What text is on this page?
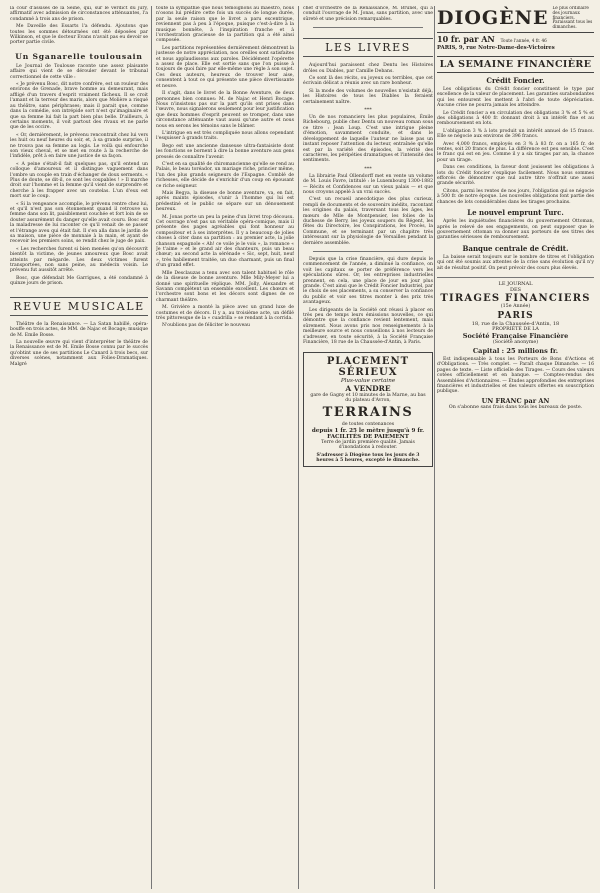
la cour d'assises de la Seine, qui, sur le verdict du jury, affirmatif avec admission de circonstances atténuantes, l'a condamné à trois ans de prison.

Me Daveille des Essarts l'a défendu. Ajoutons que toutes les sommes détournées ont été déposées par Wilkinson, et que le docteur Evans n'avait pas eu devoir se porter partie civile.

Un Sganarelle toulousain

Le Journal de Toulouse raconte une assez plaisante affaire qui vient de se dérouler devant le tribunal correctionnel de cette ville :

« Je prévenu Bosc, dit notre confrère, est un rouleur des environs de Grenade, brave homme au demeurant, mais affligé d'un travers d'esprit vraiment fâcheux. Il se croit l'amant et la terreur des maris, alors que Molière a risqué au théâtre, sans périphrases; mais il parait que, comme dans la comédie, son intrépide sort n'est qu'imaginaire et que sa femme lui fait la part bien plus belle. D'ailleurs, à certains moments, il voit partout des rivaux et ne parle que de les occire.

« Or, dernièrement, le prévenu rencontrait chez lui vers les huit ou neuf heures du soir, et, à sa grande surprise, il ne trouva pas sa femme au logis. Le voilà qui enfourche son vieux cheval, et se met en route à la recherche de l'infidèle, prêt à en faire une justice de sa façon.

« A peine s'était-il fait quelques pas, qu'il entend un colloque d'amoureux et il distingue vaguement dans l'ombre un couple en train d'échanger de doux serments. « Plus de doute, se dit-il, ce sont les coupables ! » Il marche droit sur l'homme et la femme qu'il vient de surprendre et cherche à les frapper avec un coutelas. L'un d'eux est mort sur le coup.

« Si la vengeance accomplie, le prévenu rentre chez lui, et qu'il n'est pas son étonnement quand il retrouve sa femme dans son lit, paisiblement couchée et fort loin de se douter assurément du danger qu'elle avait couru. Bosc eut la maladresse de lui raconter ce qu'il venait de se passer et l'étrange aveu qui était fait. Il s'en alla dans le jardin de sa maison, une pièce de monnaie à la main, et ayant de recevoir les premiers soins, se rendit chez le juge de paix.

« Les recherches furent si bien menées qu'on découvrit bientôt la victime, de jeunes amoureux que Bosc avait atteints par mégarde. Les deux victimes furent transportées, non sans peine, au médecin voisin. Le prévenu fut aussitôt arrêté.

Bosc, que défendait Me Garrigues, a été condamné à quinze jours de prison.

REVUE MUSICALE

Théâtre de la Renaissance. — La Satan habillé, opéra-bouffe en trois actes, de MM. de Najac et Bocage; musique de M. Emile Bosse.

La nouvelle œuvre qui vient d'interpréter le théâtre de la Renaissance est de M. Emile Bosse connu par le succès qu'obtint une de ses partitions Le Canard à trois becs, sur diverses scènes, notamment aux Folies-Dramatiques. Malgré

toute la sympathie que nous témoignons au maëstro, nous n'osons lui prédire cette fois un succès de longue durée, par la seule raison que le livret a paru excentrique, reviennent pas à peu à l'époque, puisque c'est-à-dire à la musique bonnête, à l'inspiration franche et à l'orchestration gracieuse de la partition qui a été ainsi composée.

Les partitions représentées dernièrement démontrent la justesse de notre appréciation, nos oreilles sont satisfaites et nous applaudissons aux paroles. Décidément l'opérette a assez de place. Elle est sortie sans que l'on puisse à toujours de quoi faire par elle-même une règle à son sujet. Ces deux auteurs, heureux de trouver leur aise, consentent à tout ce qui présente une pièce divertissante et neuve.

Il s'agit, dans le livret de la Bonne Aventure, de deux personnes bien connues: M. de Najac et Henri Bocage. Nous n'insistons pas sur la part qu'ils ont prises dans l'œuvre, nous signalerons seulement pour leur justification que deux hommes d'esprit peuvent se tromper, dans une circonstance atténuante vaut aussi qu'une autre et nous nous en serons les témoins sans le blâmer.

L'intrigue en est très compliquée nous allons cependant l'esquisser à grands traits.

Bego est une ancienne danseuse ultra-fantaisiste dont les fonctions se bornent à dire la bonne aventure aux gens pressés de connaître l'avenir.

C'est en sa qualité de chiromancienne qu'elle se rend au Palais, le beau toréador, un mariage riche, princier même, l'un des plus grands seigneurs de l'Espagne. Comblé de richesses, elle décide de s'enrichir d'un coup en épousant ce riche seigneur.

Mais Begya, la diseuse de bonne aventure, va, en fait, après maints épisodes, s'unir à l'homme qui lui est prédestiné et le public se sépare sur un dénouement heureux.

M. Jonas porte un peu la peine d'un livret trop décousu. Cet ouvrage n'est pas un véritable opéra-comique, mais il présente des pages agréables qui font honneur au compositeur et à ses interprètes. Il y a beaucoup de jolies choses à citer dans sa partition : au premier acte, la jolie chanson espagnole « Ah! ce voile je le vois », la romance « Je t'aime » et le grand air des chanteurs, puis un beau chœur; au second acte la sérénade « Sic, sept, huit, neuf », très habilement traitée, un duo charmant, puis un final d'un grand effet.

Mlle Desclauzas a tenu avec son talent habituel le rôle de la diseuse de bonne aventure. Mlle Mily-Meyer lui a donné une spirituelle réplique. MM. Jolly, Alexandre et Savann complètent un ensemble excellent. Les chœurs et l'orchestre sont bons et les décors sont dignes de ce charmant théâtre.

M. Grivière a monté la pièce avec un grand luxe de costumes et de décors. Il y a, au troisième acte, un défilé très pittoresque de la « cuadrilla » se rendant à la corrida.

N'oublions pas de féliciter le nouveau

chef d'orchestre de la Renaissance, M. Brunel, qui a conduit l'ouvrage de M. Jonas, sans partition, avec une sûreté et une précision remarquables.

LES LIVRES

Aujourd'hui paraissent chez Dentu les Histoires drôles ou Diables, par Camille Debans.

Ce sont là des récits, ou joyeux ou terribles, que cet écrivain délicat a réunis avec un rare bonheur.

Si la mode des volumes de nouvelles n'existait déjà, les Histoires de tous les Diables la feraient certainement naître.

***

Un de nos romanciers les plus populaires, Émile Richebourg, publie chez Dentu un nouveau roman sous ce titre : Jean Loup. C'est une intrigue pleine d'émotion, savamment conduite, et dans le développement de laquelle l'auteur ne laisse pas un instant reposer l'attention du lecteur, entraînée qu'elle est par la variété des épisodes, la vérité des caractères, les péripéties dramatiques et l'intensité des sentiments.

***

La librairie Paul Ollendorff met en vente un volume de M. Louis Favre, intitulé : le Luxembourg 1300-1882 — Récits et Confidences sur un vieux palais — et que nous croyons appelé à un vrai succès.

C'est un recueil anecdotique des plus curieux, rempli de documents et de souvenirs inédits, racontant les origines du palais, traversant tous les âges, les mœurs de Mlle de Montpensier, les folies de la duchesse de Berry, les joyeux soupers du Régent, les fêtes du Directoire, les Conspirations, les Procès, la Commune, et se terminant par un chapitre très intéressant sur la physiologie de Versailles pendant la dernière assemblée.

Depuis que la crise financière, qui dure depuis le commencement de l'année, a diminué la confiance, on voit les capitaux se porter de préférence vers les spéculations sûres. Or, les entreprises industrielles prennent, en cela, une place de jour en jour plus grande. C'est ainsi que le Crédit Foncier Industriel, par le choix de ses placements, a su conserver la confiance du public et voir ses titres monter à des prix très avantageux.

Les dirigeants de la Société ont réussi à placer en très peu de temps leurs émissions nouvelles, ce qui démontre que la confiance revient lentement, mais sûrement. Nous avons pris nos renseignements à la meilleure source et nous conseillons à nos lecteurs de s'adresser, en toute sécurité, à la Société Française Financière, 18 rue de la Chaussée-d'Antin, à Paris.

PLACEMENT SÉRIEUX
Plus-value certaine
A VENDRE
gare de Gagny et 10 minutes de la Marne, au bas du plateau d'Avron,
TERRAINS
de toutes contenances
depuis 1 fr. 25 le mètre jusqu'à 9 fr.
FACILITÉS DE PAIEMENT
Terre de jardin première qualité. Jamais d'inondations à redouter.
S'adresser à Diogène tous les jours de 3 heures à 5 heures, excepté le dimanche.
DIOGÈNE Le plus ordinaire des journaux financiers. Paraissant tous les dimanches.
10 fr. par AN Toute l'année, 4 fr. 46
PARIS, 9, rue Notre-Dame-des-Victoires
LA SEMAINE FINANCIÈRE
Crédit Foncier.

Les obligations du Crédit foncier constituent le type par excellence de la valeur de placement. Les garanties surabondantes qui les entourent les mettent à l'abri de toute dépréciation. Aucune crise ne pourra jamais les atteindre.

Le Crédit foncier a en circulation des obligations 3 % et 5 % et des obligations à 400 fr. donnant droit à un intérêt fixe et au remboursement en lots.

L'obligation 3 % à lots produit un intérêt annuel de 15 francs. Elle se négocie aux environs de 396 francs.

Avec 4,000 francs, employés en 3 % à 83 fr. on a 165 fr. de rentes, soit 20 francs de plus. La différence est peu sensible. C'est le franc qui est en jeu. Comme il y a six tirages par an, la chance pour un tirage.

Dans ces conditions, la faveur dont jouissent les obligations à lots du Crédit foncier s'explique facilement. Nous nous sommes efforcés de démontrer que nul autre titre n'offrait une aussi grande sécurité.

Citons, parmi les rentes de nos jours, l'obligation qui se négocie à 500 fr. de notre époque. Les nouvelles obligations font partie des chances de lots considérables dans les tirages prochains.

Le nouvel emprunt Turc.

Après les inquiétudes financières du gouvernement Ottoman, après le relevé de ses engagements, on peut supposer que le gouvernement ottoman va donner aux porteurs de ses titres des garanties sérieuses de remboursement.

Banque centrale de Crédit.

La baisse serait toujours sur le nombre de titres et l'obligation qui ont été soumis aux attentes de la crise sans évolution qu'il n'y ait de résultat positif. On peut prévoir des cours plus élevés.

LE JOURNAL
DES
TIRAGES FINANCIERS
(15e Année)
PARIS
18, rue de la Chaussée-d'Antin, 18
PROPRIÉTÉ DE LA
Société Française Financière
(Société anonyme)
Capital : 25 millions fr.

Est indispensable à tous les Porteurs de Bons d'Actions et d'Obligations. — Très complet. — Paraît chaque Dimanche. — 16 pages de texte. — Liste officielle des Tirages. — Cours des valeurs cotées officiellement et en banque. — Comptes-rendus des Assemblées d'Actionnaires. — Études approfondies des entreprises financières et industrielles et des valeurs offertes en souscription publique.

UN FRANC par AN
On s'abonne sans frais dans tous les bureaux de poste.
